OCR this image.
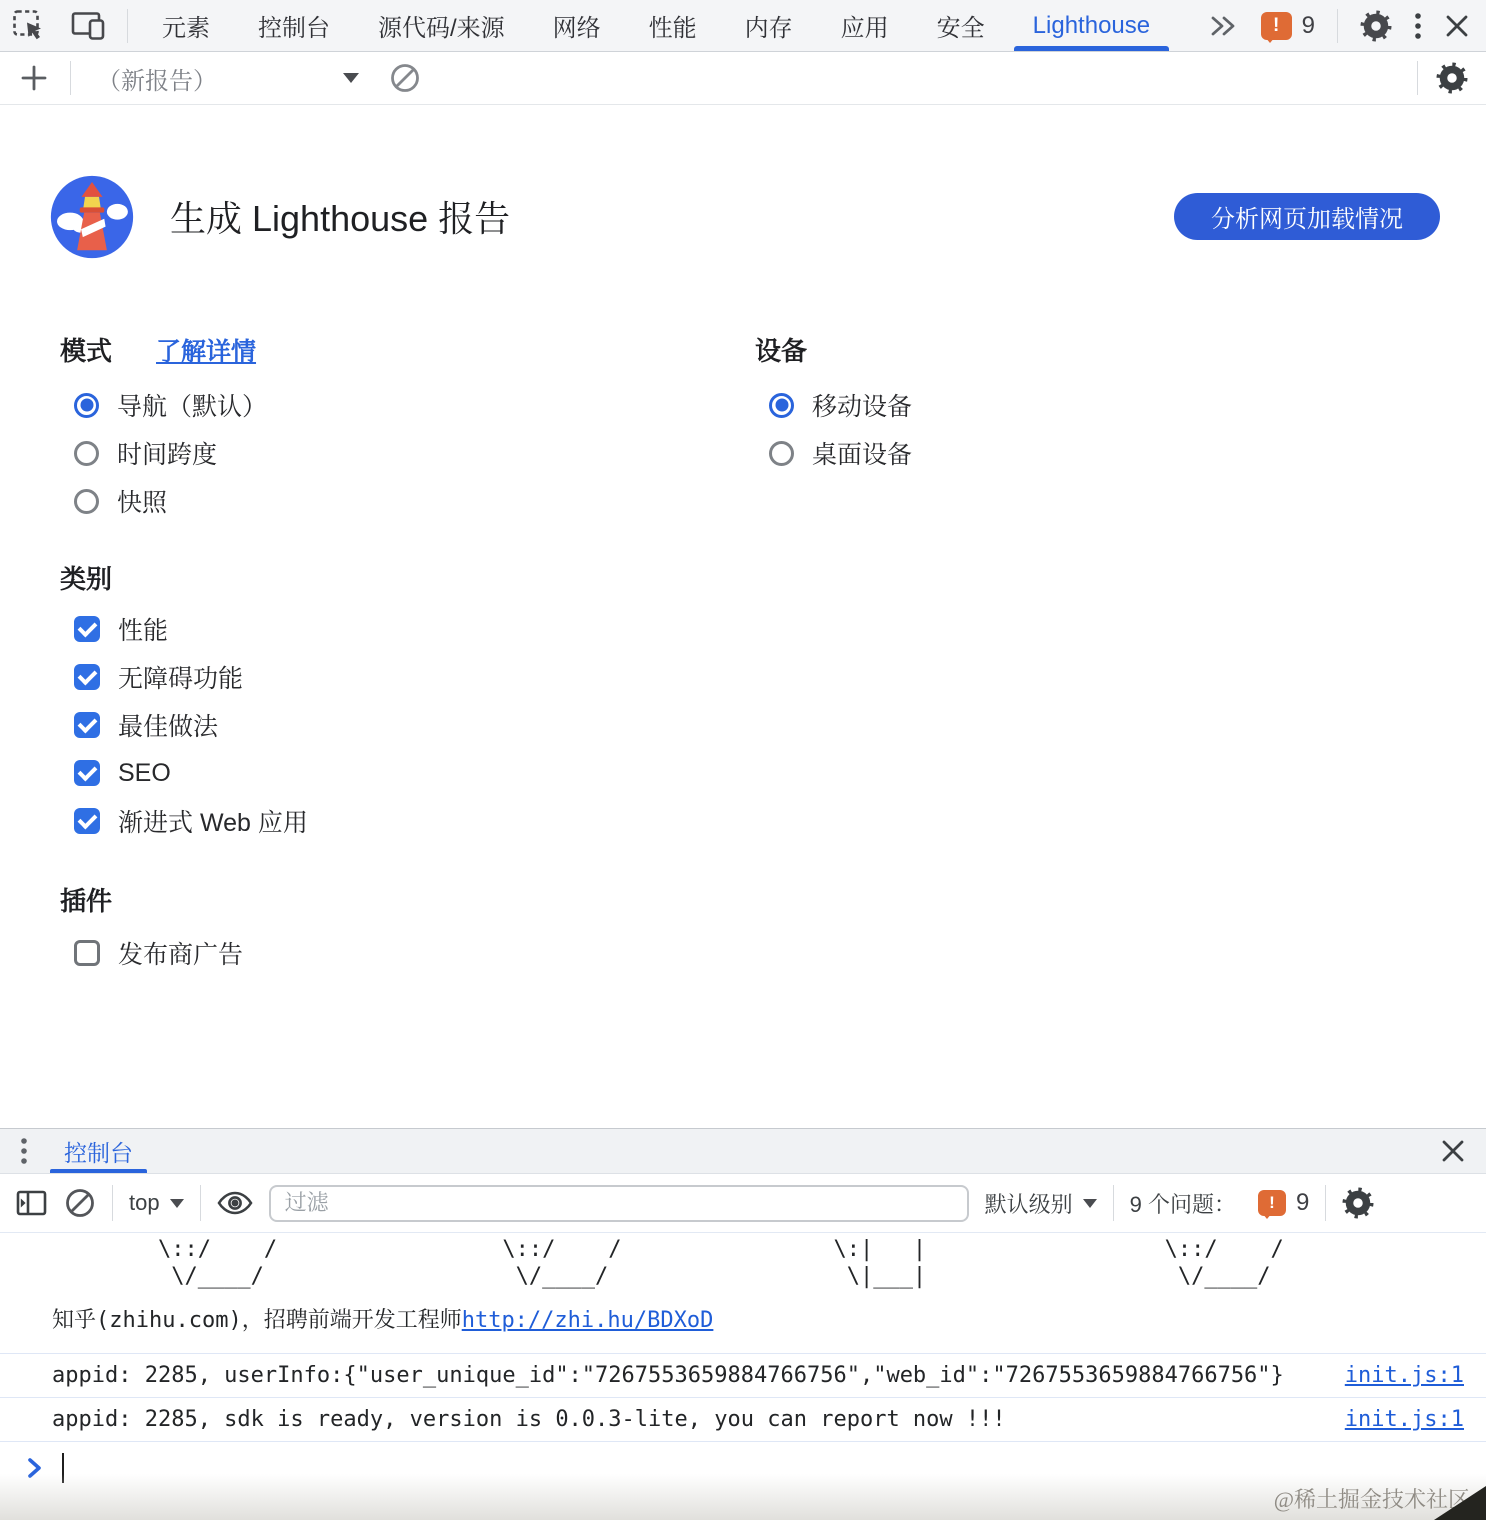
元素	控制台	源代码/来源	网络	性能	内存	应用	安全	Lighthouse	! 9
（新报告）
生成 Lighthouse 报告	分析网页加载情况
模式 了解详情
导航（默认）
时间跨度
快照
设备
移动设备
桌面设备
类别
性能
无障碍功能
最佳做法
SEO
渐进式 Web 应用
插件
发布商广告
控制台
top
过滤	默认级别	9 个问题： ! 9
\::/    /                 \::/    /                \:|   |                  \::/    /
\/____/                   \/____/                  \|___|                   \/____/
知乎(zhihu.com)，招聘前端开发工程师 http://zhi.hu/BDXoD
appid: 2285, userInfo:{"user_unique_id":"7267553659884766756","web_id":"7267553659884766756"}	init.js:1
appid: 2285, sdk is ready, version is 0.0.3-lite, you can report now !!!	init.js:1
@稀土掘金技术社区
